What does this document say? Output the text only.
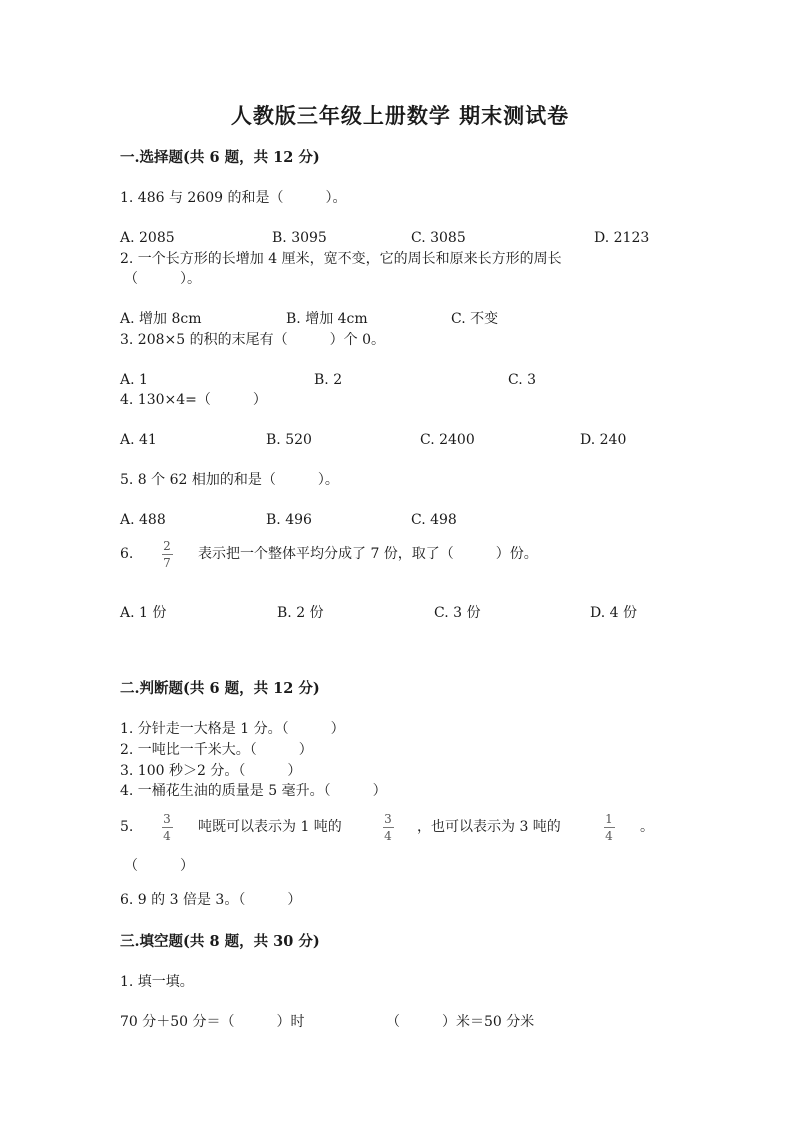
人教版三年级上册数学 期末测试卷
一.选择题(共 6 题，共 12 分)
1. 486 与 2609 的和是（　　　）。
A. 2085	B. 3095	C. 3085	D. 2123
2. 一个长方形的长增加 4 厘米，宽不变，它的周长和原来长方形的周长
（　　　）。
A. 增加 8cm	B. 增加 4cm	C. 不变
3. 208×5 的积的末尾有（　　　）个 0。
A. 1	B. 2	C. 3
4. 130×4=（　　　）
A. 41	B. 520	C. 2400	D. 240
5. 8 个 62 相加的和是（　　　）。
A. 488	B. 496	C. 498
6. 2
7
表示把一个整体平均分成了 7 份，取了（　　　）份。
A. 1 份	B. 2 份	C. 3 份	D. 4 份
二.判断题(共 6 题，共 12 分)
1. 分针走一大格是 1 分。（　　　）
2. 一吨比一千米大。（　　　）
3. 100 秒＞2 分。（　　　）
4. 一桶花生油的质量是 5 毫升。（　　　）
5. 3
4
吨既可以表示为 1 吨的	3
4
，也可以表示为 3 吨的	1
4
。
（　　　）
6. 9 的 3 倍是 3。（　　　）
三.填空题(共 8 题，共 30 分)
1. 填一填。
70 分＋50 分＝（　　　）时	（　　　）米＝50 分米
